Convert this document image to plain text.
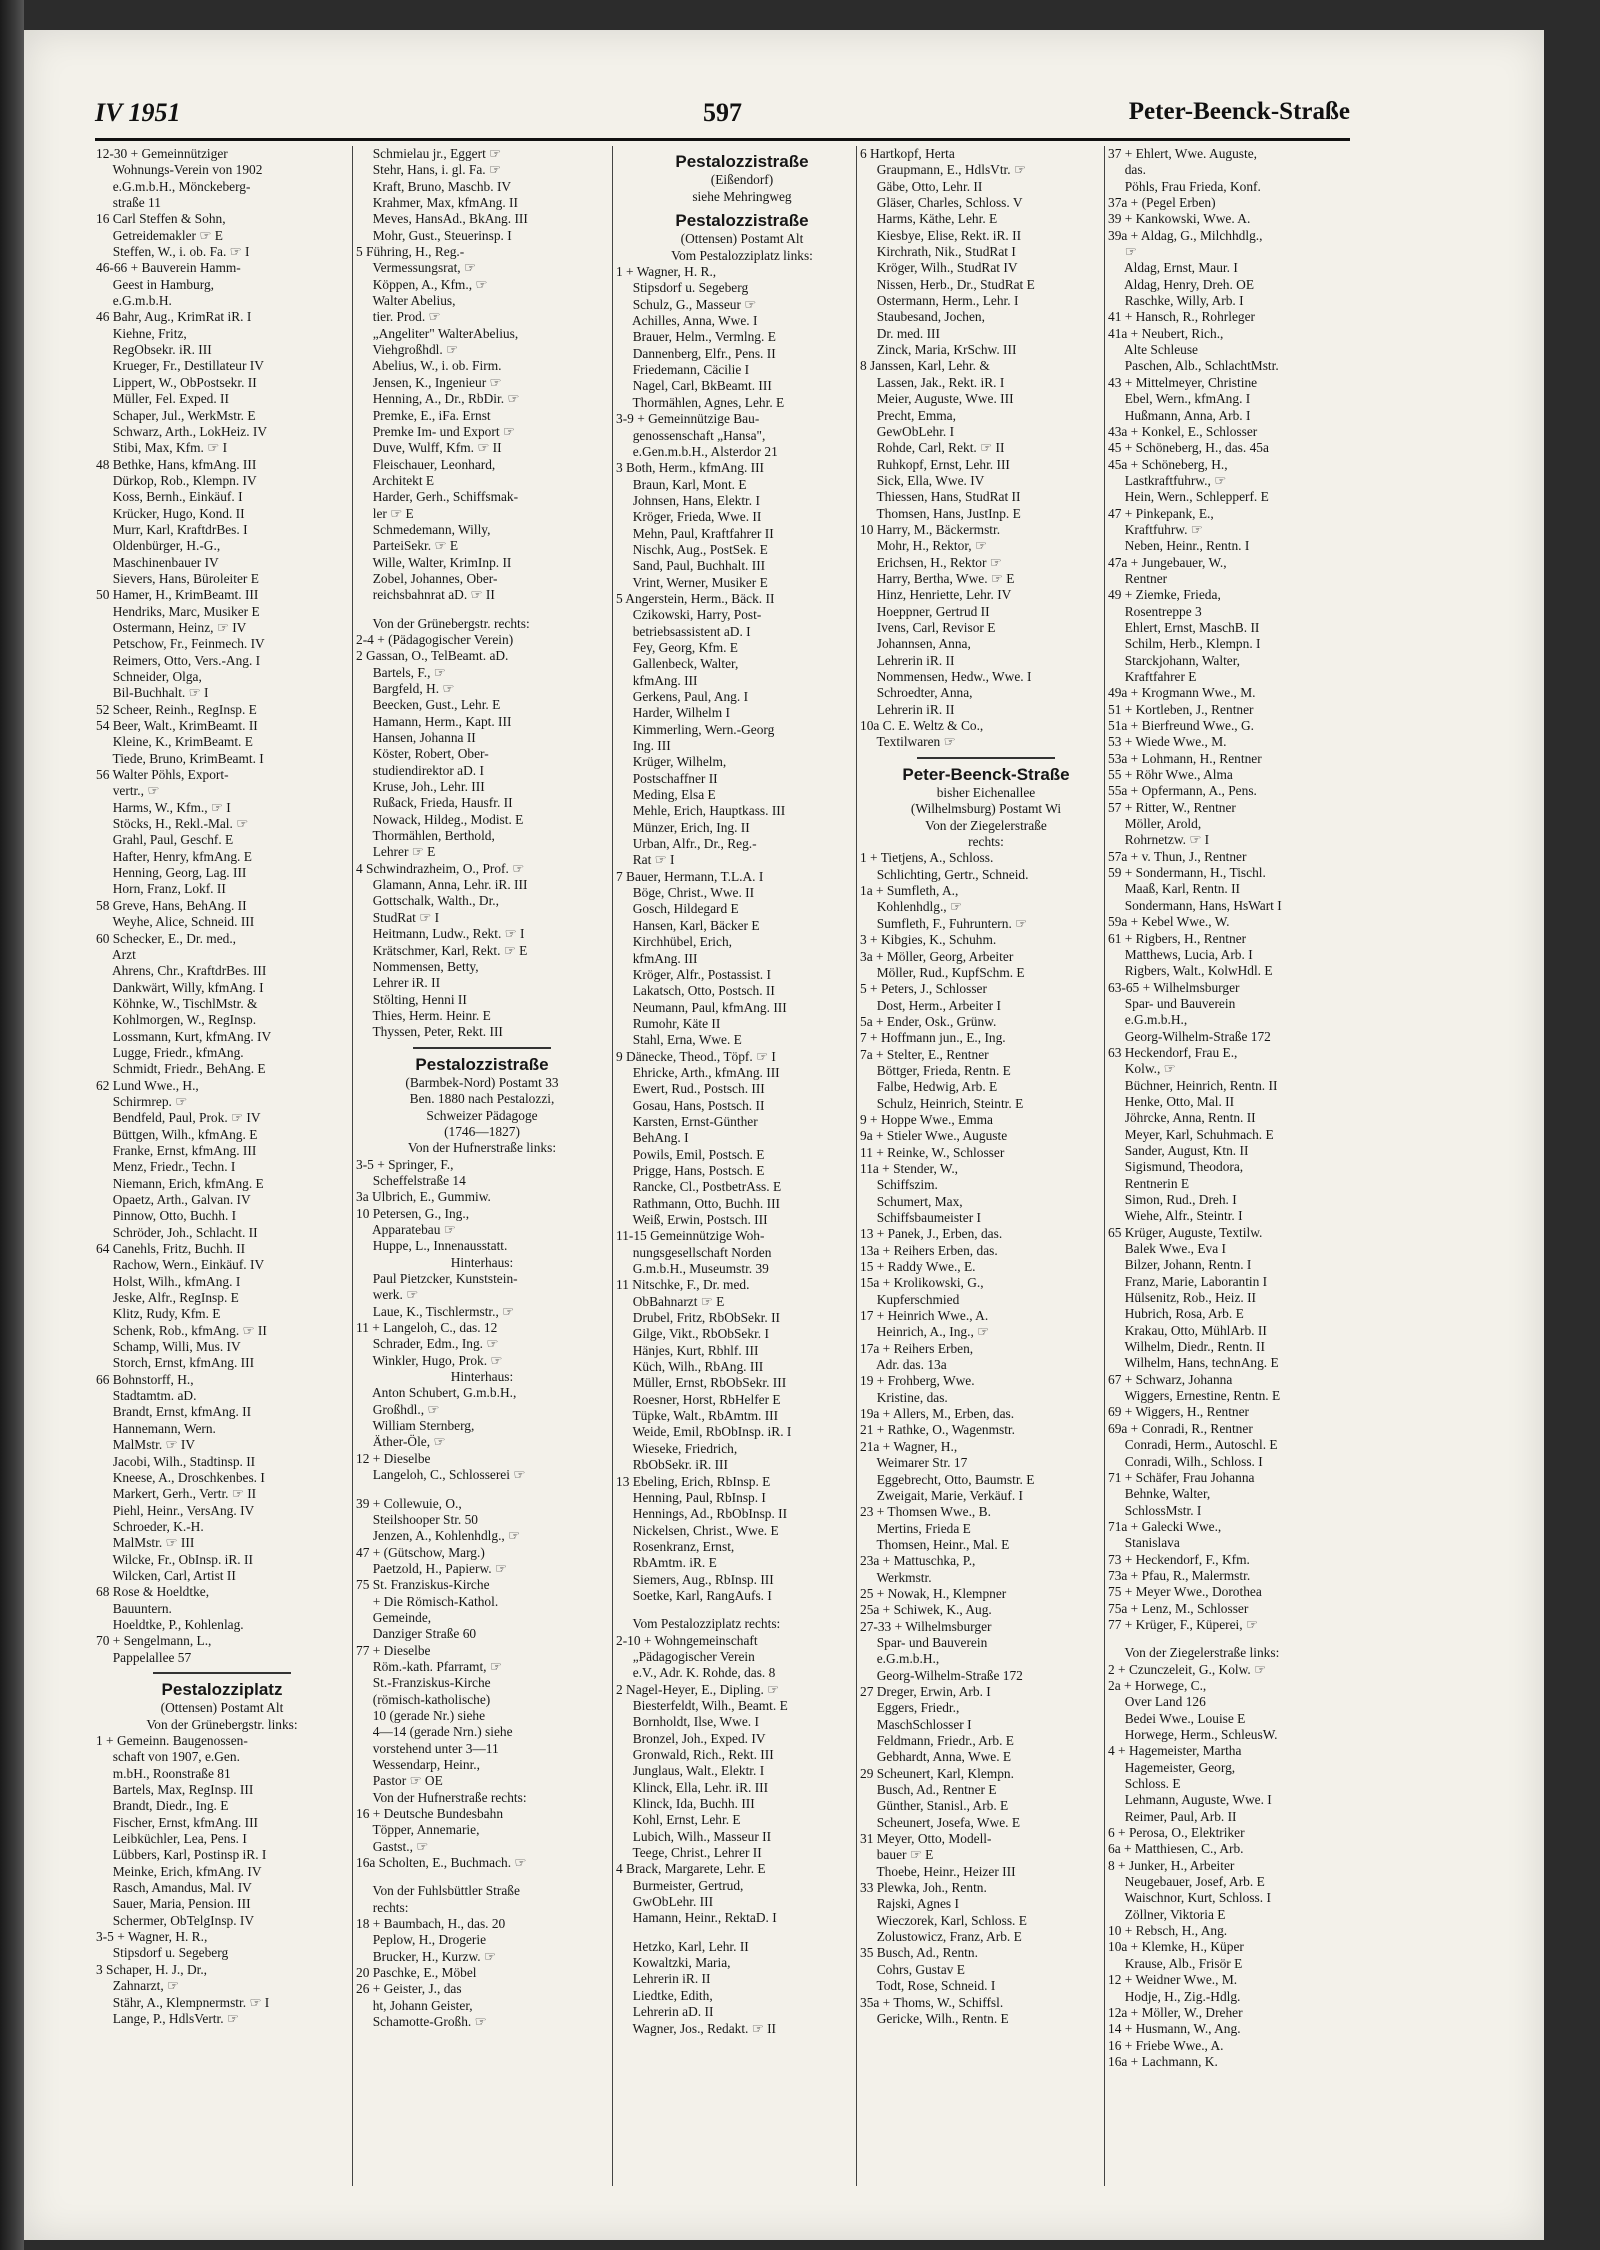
IV 1951	597	Peter-Beenck-Straße
12-30 + Gemeinnütziger
  Wohnungs-Verein von 1902
  e.G.m.b.H., Mönckeberg-
  straße 11
16 Carl Steffen & Sohn,
  Getreidemakler ☞ E
  Steffen, W., i. ob. Fa. ☞ I
46-66 + Bauverein Hamm-
  Geest in Hamburg,
  e.G.m.b.H.
46 Bahr, Aug., KrimRat iR. I
  Kiehne, Fritz,
  RegObsekr. iR. III
  Krueger, Fr., Destillateur IV
  Lippert, W., ObPostsekr. II
  Müller, Fel. Exped. II
  Schaper, Jul., WerkMstr. E
  Schwarz, Arth., LokHeiz. IV
  Stibi, Max, Kfm. ☞ I
48 Bethke, Hans, kfmAng. III
  Dürkop, Rob., Klempn. IV
  Koss, Bernh., Einkäuf. I
  Krücker, Hugo, Kond. II
  Murr, Karl, KraftdrBes. I
  Oldenbürger, H.-G.,
  Maschinenbauer IV
  Sievers, Hans, Büroleiter E
50 Hamer, H., KrimBeamt. III
  Hendriks, Marc, Musiker E
  Ostermann, Heinz, ☞ IV
  Petschow, Fr., Feinmech. IV
  Reimers, Otto, Vers.-Ang. I
  Schneider, Olga,
  Bil-Buchhalt. ☞ I
52 Scheer, Reinh., RegInsp. E
54 Beer, Walt., KrimBeamt. II
  Kleine, K., KrimBeamt. E
  Tiede, Bruno, KrimBeamt. I
56 Walter Pöhls, Export-
  vertr., ☞
  Harms, W., Kfm., ☞ I
  Stöcks, H., Rekl.-Mal. ☞
  Grahl, Paul, Geschf. E
  Hafter, Henry, kfmAng. E
  Henning, Georg, Lag. III
  Horn, Franz, Lokf. II
58 Greve, Hans, BehAng. II
  Weyhe, Alice, Schneid. III
60 Schecker, E., Dr. med.,
  Arzt
  Ahrens, Chr., KraftdrBes. III
  Dankwärt, Willy, kfmAng. I
  Köhnke, W., TischlMstr. &
  Kohlmorgen, W., RegInsp.
  Lossmann, Kurt, kfmAng. IV
  Lugge, Friedr., kfmAng.
  Schmidt, Friedr., BehAng. E
62 Lund Wwe., H.,
  Schirmrep. ☞
  Bendfeld, Paul, Prok. ☞ IV
  Büttgen, Wilh., kfmAng. E
  Franke, Ernst, kfmAng. III
  Menz, Friedr., Techn. I
  Niemann, Erich, kfmAng. E
  Opaetz, Arth., Galvan. IV
  Pinnow, Otto, Buchh. I
  Schröder, Joh., Schlacht. II
64 Canehls, Fritz, Buchh. II
  Rachow, Wern., Einkäuf. IV
  Holst, Wilh., kfmAng. I
  Jeske, Alfr., RegInsp. E
  Klitz, Rudy, Kfm. E
  Schenk, Rob., kfmAng. ☞ II
  Schamp, Willi, Mus. IV
  Storch, Ernst, kfmAng. III
66 Bohnstorff, H.,
  Stadtamtm. aD.
  Brandt, Ernst, kfmAng. II
  Hannemann, Wern.
  MalMstr. ☞ IV
  Jacobi, Wilh., Stadtinsp. II
  Kneese, A., Droschkenbes. I
  Markert, Gerh., Vertr. ☞ II
  Piehl, Heinr., VersAng. IV
  Schroeder, K.-H.
  MalMstr. ☞ III
  Wilcke, Fr., ObInsp. iR. II
  Wilcken, Carl, Artist II
68 Rose & Hoeldtke,
  Bauuntern.
  Hoeldtke, P., Kohlenlag.
70 + Sengelmann, L.,
  Pappelallee 57
Pestalozziplatz
(Ottensen) Postamt Alt
Von der Grünebergstr. links:
1 + Gemeinn. Baugenossen-
  schaft von 1907, e.Gen.
  m.bH., Roonstraße 81
  Bartels, Max, RegInsp. III
  Brandt, Diedr., Ing. E
  Fischer, Ernst, kfmAng. III
  Leibküchler, Lea, Pens. I
  Lübbers, Karl, Postinsp iR. I
  Meinke, Erich, kfmAng. IV
  Rasch, Amandus, Mal. IV
  Sauer, Maria, Pension. III
  Schermer, ObTelgInsp. IV
3-5 + Wagner, H. R.,
  Stipsdorf u. Segeberg
3 Schaper, H. J., Dr.,
  Zahnarzt, ☞
  Stähr, A., Klempnermstr. ☞ I
  Lange, P., HdlsVertr. ☞
  Schmielau jr., Eggert ☞
  Stehr, Hans, i. gl. Fa. ☞
  Kraft, Bruno, Maschb. IV
  Krahmer, Max, kfmAng. II
  Meves, HansAd., BkAng. III
  Mohr, Gust., Steuerinsp. I
5 Führing, H., Reg.-
  Vermessungsrat, ☞
  Köppen, A., Kfm., ☞
  Walter Abelius,
  tier. Prod. ☞
  „Angeliter" WalterAbelius,
  Viehgroßhdl. ☞
  Abelius, W., i. ob. Firm.
  Jensen, K., Ingenieur ☞
  Henning, A., Dr., RbDir. ☞
  Premke, E., iFa. Ernst
  Premke Im- und Export ☞
  Duve, Wulff, Kfm. ☞ II
  Fleischauer, Leonhard,
  Architekt E
  Harder, Gerh., Schiffsmak-
  ler ☞ E
  Schmedemann, Willy,
  ParteiSekr. ☞ E
  Wille, Walter, KrimInp. II
  Zobel, Johannes, Ober-
  reichsbahnrat aD. ☞ II
  Von der Grünebergstr. rechts:
2-4 + (Pädagogischer Verein)
2 Gassan, O., TelBeamt. aD.
  Bartels, F., ☞
  Bargfeld, H. ☞
  Beecken, Gust., Lehr. E
  Hamann, Herm., Kapt. III
  Hansen, Johanna II
  Köster, Robert, Ober-
  studiendirektor aD. I
  Kruse, Joh., Lehr. III
  Rußack, Frieda, Hausfr. II
  Nowack, Hildeg., Modist. E
  Thormählen, Berthold,
  Lehrer ☞ E
4 Schwindrazheim, O., Prof. ☞
  Glamann, Anna, Lehr. iR. III
  Gottschalk, Walth., Dr.,
  StudRat ☞ I
  Heitmann, Ludw., Rekt. ☞ I
  Krätschmer, Karl, Rekt. ☞ E
  Nommensen, Betty,
  Lehrer iR. II
  Stölting, Henni II
  Thies, Herm. Heinr. E
  Thyssen, Peter, Rekt. III
Pestalozzistraße
(Barmbek-Nord) Postamt 33
Ben. 1880 nach Pestalozzi,
Schweizer Pädagoge
(1746—1827)
Von der Hufnerstraße links:
3-5 + Springer, F.,
  Scheffelstraße 14
3a Ulbrich, E., Gummiw.
10 Petersen, G., Ing.,
  Apparatebau ☞
  Huppe, L., Innenausstatt.
Hinterhaus:
  Paul Pietzcker, Kunststein-
  werk. ☞
  Laue, K., Tischlermstr., ☞
11 + Langeloh, C., das. 12
  Schrader, Edm., Ing. ☞
  Winkler, Hugo, Prok. ☞
Hinterhaus:
  Anton Schubert, G.m.b.H.,
  Großhdl., ☞
  William Sternberg,
  Äther-Öle, ☞
12 + Dieselbe
  Langeloh, C., Schlosserei ☞
39 + Collewuie, O.,
  Steilshooper Str. 50
  Jenzen, A., Kohlenhdlg., ☞
47 + (Gütschow, Marg.)
  Paetzold, H., Papierw. ☞
75 St. Franziskus-Kirche
  + Die Römisch-Kathol.
  Gemeinde,
  Danziger Straße 60
77 + Dieselbe
  Röm.-kath. Pfarramt, ☞
  St.-Franziskus-Kirche
  (römisch-katholische)
  10 (gerade Nr.) siehe
  4—14 (gerade Nrn.) siehe
  vorstehend unter 3—11
  Wessendarp, Heinr.,
  Pastor ☞ OE
  Von der Hufnerstraße rechts:
16 + Deutsche Bundesbahn
  Töpper, Annemarie,
  Gastst., ☞
16a Scholten, E., Buchmach. ☞
  Von der Fuhlsbüttler Straße
  rechts:
18 + Baumbach, H., das. 20
  Peplow, H., Drogerie
  Brucker, H., Kurzw. ☞
20 Paschke, E., Möbel
26 + Geister, J., das
  ht, Johann Geister,
  Schamotte-Großh. ☞
Pestalozzistraße
(Eißendorf)
siehe Mehringweg
Pestalozzistraße
(Ottensen) Postamt Alt
Vom Pestalozziplatz links:
1 + Wagner, H. R.,
  Stipsdorf u. Segeberg
  Schulz, G., Masseur ☞
  Achilles, Anna, Wwe. I
  Brauer, Helm., Vermlng. E
  Dannenberg, Elfr., Pens. II
  Friedemann, Cäcilie I
  Nagel, Carl, BkBeamt. III
  Thormählen, Agnes, Lehr. E
3-9 + Gemeinnützige Bau-
  genossenschaft „Hansa",
  e.Gen.m.b.H., Alsterdor 21
3 Both, Herm., kfmAng. III
  Braun, Karl, Mont. E
  Johnsen, Hans, Elektr. I
  Kröger, Frieda, Wwe. II
  Mehn, Paul, Kraftfahrer II
  Nischk, Aug., PostSek. E
  Sand, Paul, Buchhalt. III
  Vrint, Werner, Musiker E
5 Angerstein, Herm., Bäck. II
  Czikowski, Harry, Post-
  betriebsassistent aD. I
  Fey, Georg, Kfm. E
  Gallenbeck, Walter,
  kfmAng. III
  Gerkens, Paul, Ang. I
  Harder, Wilhelm I
  Kimmerling, Wern.-Georg
  Ing. III
  Krüger, Wilhelm,
  Postschaffner II
  Meding, Elsa E
  Mehle, Erich, Hauptkass. III
  Münzer, Erich, Ing. II
  Urban, Alfr., Dr., Reg.-
  Rat ☞ I
7 Bauer, Hermann, T.L.A. I
  Böge, Christ., Wwe. II
  Gosch, Hildegard E
  Hansen, Karl, Bäcker E
  Kirchhübel, Erich,
  kfmAng. III
  Kröger, Alfr., Postassist. I
  Lakatsch, Otto, Postsch. II
  Neumann, Paul, kfmAng. III
  Rumohr, Käte II
  Stahl, Erna, Wwe. E
9 Dänecke, Theod., Töpf. ☞ I
  Ehricke, Arth., kfmAng. III
  Ewert, Rud., Postsch. III
  Gosau, Hans, Postsch. II
  Karsten, Ernst-Günther
  BehAng. I
  Powils, Emil, Postsch. E
  Prigge, Hans, Postsch. E
  Rancke, Cl., PostbetrAss. E
  Rathmann, Otto, Buchh. III
  Weiß, Erwin, Postsch. III
11-15 Gemeinnützige Woh-
  nungsgesellschaft Norden
  G.m.b.H., Museumstr. 39
11 Nitschke, F., Dr. med.
  ObBahnarzt ☞ E
  Drubel, Fritz, RbObSekr. II
  Gilge, Vikt., RbObSekr. I
  Hänjes, Kurt, Rbhlf. III
  Küch, Wilh., RbAng. III
  Müller, Ernst, RbObSekr. III
  Roesner, Horst, RbHelfer E
  Tüpke, Walt., RbAmtm. III
  Weide, Emil, RbObInsp. iR. I
  Wieseke, Friedrich,
  RbObSekr. iR. III
13 Ebeling, Erich, RbInsp. E
  Henning, Paul, RbInsp. I
  Hennings, Ad., RbObInsp. II
  Nickelsen, Christ., Wwe. E
  Rosenkranz, Ernst,
  RbAmtm. iR. E
  Siemers, Aug., RbInsp. III
  Soetke, Karl, RangAufs. I
  Vom Pestalozziplatz rechts:
2-10 + Wohngemeinschaft
  „Pädagogischer Verein
  e.V., Adr. K. Rohde, das. 8
2 Nagel-Heyer, E., Dipling. ☞
  Biesterfeldt, Wilh., Beamt. E
  Bornholdt, Ilse, Wwe. I
  Bronzel, Joh., Exped. IV
  Gronwald, Rich., Rekt. III
  Junglaus, Walt., Elektr. I
  Klinck, Ella, Lehr. iR. III
  Klinck, Ida, Buchh. III
  Kohl, Ernst, Lehr. E
  Lubich, Wilh., Masseur II
  Teege, Christ., Lehrer II
4 Brack, Margarete, Lehr. E
  Burmeister, Gertrud,
  GwObLehr. III
  Hamann, Heinr., RektaD. I
  Hetzko, Karl, Lehr. II
  Kowaltzki, Maria,
  Lehrerin iR. II
  Liedtke, Edith,
  Lehrerin aD. II
  Wagner, Jos., Redakt. ☞ II
6 Hartkopf, Herta
  Graupmann, E., HdlsVtr. ☞
  Gäbe, Otto, Lehr. II
  Gläser, Charles, Schloss. V
  Harms, Käthe, Lehr. E
  Kiesbye, Elise, Rekt. iR. II
  Kirchrath, Nik., StudRat I
  Kröger, Wilh., StudRat IV
  Nissen, Herb., Dr., StudRat E
  Ostermann, Herm., Lehr. I
  Staubesand, Jochen,
  Dr. med. III
  Zinck, Maria, KrSchw. III
8 Janssen, Karl, Lehr. &
  Lassen, Jak., Rekt. iR. I
  Meier, Auguste, Wwe. III
  Precht, Emma,
  GewObLehr. I
  Rohde, Carl, Rekt. ☞ II
  Ruhkopf, Ernst, Lehr. III
  Sick, Ella, Wwe. IV
  Thiessen, Hans, StudRat II
  Thomsen, Hans, JustInp. E
10 Harry, M., Bäckermstr.
  Mohr, H., Rektor, ☞
  Erichsen, H., Rektor ☞
  Harry, Bertha, Wwe. ☞ E
  Hinz, Henriette, Lehr. IV
  Hoeppner, Gertrud II
  Ivens, Carl, Revisor E
  Johannsen, Anna,
  Lehrerin iR. II
  Nommensen, Hedw., Wwe. I
  Schroedter, Anna,
  Lehrerin iR. II
10a C. E. Weltz & Co.,
  Textilwaren ☞
Peter-Beenck-Straße
bisher Eichenallee
(Wilhelmsburg) Postamt Wi
Von der Ziegelerstraße
rechts:
1 + Tietjens, A., Schloss.
  Schlichting, Gertr., Schneid.
1a + Sumfleth, A.,
  Kohlenhdlg., ☞
  Sumfleth, F., Fuhruntern. ☞
3 + Kibgies, K., Schuhm.
3a + Möller, Georg, Arbeiter
  Möller, Rud., KupfSchm. E
5 + Peters, J., Schlosser
  Dost, Herm., Arbeiter I
5a + Ender, Osk., Grünw.
7 + Hoffmann jun., E., Ing.
7a + Stelter, E., Rentner
  Böttger, Frieda, Rentn. E
  Falbe, Hedwig, Arb. E
  Schulz, Heinrich, Steintr. E
9 + Hoppe Wwe., Emma
9a + Stieler Wwe., Auguste
11 + Reinke, W., Schlosser
11a + Stender, W.,
  Schiffszim.
  Schumert, Max,
  Schiffsbaumeister I
13 + Panek, J., Erben, das.
13a + Reihers Erben, das.
15 + Raddy Wwe., E.
15a + Krolikowski, G.,
  Kupferschmied
17 + Heinrich Wwe., A.
  Heinrich, A., Ing., ☞
17a + Reihers Erben,
  Adr. das. 13a
19 + Frohberg, Wwe.
  Kristine, das.
19a + Allers, M., Erben, das.
21 + Rathke, O., Wagenmstr.
21a + Wagner, H.,
  Weimarer Str. 17
  Eggebrecht, Otto, Baumstr. E
  Zweigait, Marie, Verkäuf. I
23 + Thomsen Wwe., B.
  Mertins, Frieda E
  Thomsen, Heinr., Mal. E
23a + Mattuschka, P.,
  Werkmstr.
25 + Nowak, H., Klempner
25a + Schiwek, K., Aug.
27-33 + Wilhelmsburger
  Spar- und Bauverein
  e.G.m.b.H.,
  Georg-Wilhelm-Straße 172
27 Dreger, Erwin, Arb. I
  Eggers, Friedr.,
  MaschSchlosser I
  Feldmann, Friedr., Arb. E
  Gebhardt, Anna, Wwe. E
29 Scheunert, Karl, Klempn.
  Busch, Ad., Rentner E
  Günther, Stanisl., Arb. E
  Scheunert, Josefa, Wwe. E
31 Meyer, Otto, Modell-
  bauer ☞ E
  Thoebe, Heinr., Heizer III
33 Plewka, Joh., Rentn.
  Rajski, Agnes I
  Wieczorek, Karl, Schloss. E
  Zolustowicz, Franz, Arb. E
35 Busch, Ad., Rentn.
  Cohrs, Gustav E
  Todt, Rose, Schneid. I
35a + Thoms, W., Schiffsl.
  Gericke, Wilh., Rentn. E
37 + Ehlert, Wwe. Auguste,
  das.
  Pöhls, Frau Frieda, Konf.
37a + (Pegel Erben)
39 + Kankowski, Wwe. A.
39a + Aldag, G., Milchhdlg.,
  ☞
  Aldag, Ernst, Maur. I
  Aldag, Henry, Dreh. OE
  Raschke, Willy, Arb. I
41 + Hansch, R., Rohrleger
41a + Neubert, Rich.,
  Alte Schleuse
  Paschen, Alb., SchlachtMstr.
43 + Mittelmeyer, Christine
  Ebel, Wern., kfmAng. I
  Hußmann, Anna, Arb. I
43a + Konkel, E., Schlosser
45 + Schöneberg, H., das. 45a
45a + Schöneberg, H.,
  Lastkraftfuhrw., ☞
  Hein, Wern., Schlepperf. E
47 + Pinkepank, E.,
  Kraftfuhrw. ☞
  Neben, Heinr., Rentn. I
47a + Jungebauer, W.,
  Rentner
49 + Ziemke, Frieda,
  Rosentreppe 3
  Ehlert, Ernst, MaschB. II
  Schilm, Herb., Klempn. I
  Starckjohann, Walter,
  Kraftfahrer E
49a + Krogmann Wwe., M.
51 + Kortleben, J., Rentner
51a + Bierfreund Wwe., G.
53 + Wiede Wwe., M.
53a + Lohmann, H., Rentner
55 + Röhr Wwe., Alma
55a + Opfermann, A., Pens.
57 + Ritter, W., Rentner
  Möller, Arold,
  Rohrnetzw. ☞ I
57a + v. Thun, J., Rentner
59 + Sondermann, H., Tischl.
  Maaß, Karl, Rentn. II
  Sondermann, Hans, HsWart I
59a + Kebel Wwe., W.
61 + Rigbers, H., Rentner
  Matthews, Lucia, Arb. I
  Rigbers, Walt., KolwHdl. E
63-65 + Wilhelmsburger
  Spar- und Bauverein
  e.G.m.b.H.,
  Georg-Wilhelm-Straße 172
63 Heckendorf, Frau E.,
  Kolw., ☞
  Büchner, Heinrich, Rentn. II
  Henke, Otto, Mal. II
  Jöhrcke, Anna, Rentn. II
  Meyer, Karl, Schuhmach. E
  Sander, August, Ktn. II
  Sigismund, Theodora,
  Rentnerin E
  Simon, Rud., Dreh. I
  Wiehe, Alfr., Steintr. I
65 Krüger, Auguste, Textilw.
  Balek Wwe., Eva I
  Bilzer, Johann, Rentn. I
  Franz, Marie, Laborantin I
  Hülsenitz, Rob., Heiz. II
  Hubrich, Rosa, Arb. E
  Krakau, Otto, MühlArb. II
  Wilhelm, Diedr., Rentn. II
  Wilhelm, Hans, technAng. E
67 + Schwarz, Johanna
  Wiggers, Ernestine, Rentn. E
69 + Wiggers, H., Rentner
69a + Conradi, R., Rentner
  Conradi, Herm., Autoschl. E
  Conradi, Wilh., Schloss. I
71 + Schäfer, Frau Johanna
  Behnke, Walter,
  SchlossMstr. I
71a + Galecki Wwe.,
  Stanislava
73 + Heckendorf, F., Kfm.
73a + Pfau, R., Malermstr.
75 + Meyer Wwe., Dorothea
75a + Lenz, M., Schlosser
77 + Krüger, F., Küperei, ☞
  Von der Ziegelerstraße links:
2 + Czunczeleit, G., Kolw. ☞
2a + Horwege, C.,
  Over Land 126
  Bedei Wwe., Louise E
  Horwege, Herm., SchleusW.
4 + Hagemeister, Martha
  Hagemeister, Georg,
  Schloss. E
  Lehmann, Auguste, Wwe. I
  Reimer, Paul, Arb. II
6 + Perosa, O., Elektriker
6a + Matthiesen, C., Arb.
8 + Junker, H., Arbeiter
  Neugebauer, Josef, Arb. E
  Waischnor, Kurt, Schloss. I
  Zöllner, Viktoria E
10 + Rebsch, H., Ang.
10a + Klemke, H., Küper
  Krause, Alb., Frisör E
12 + Weidner Wwe., M.
  Hodje, H., Zig.-Hdlg.
12a + Möller, W., Dreher
14 + Husmann, W., Ang.
16 + Friebe Wwe., A.
16a + Lachmann, K.
